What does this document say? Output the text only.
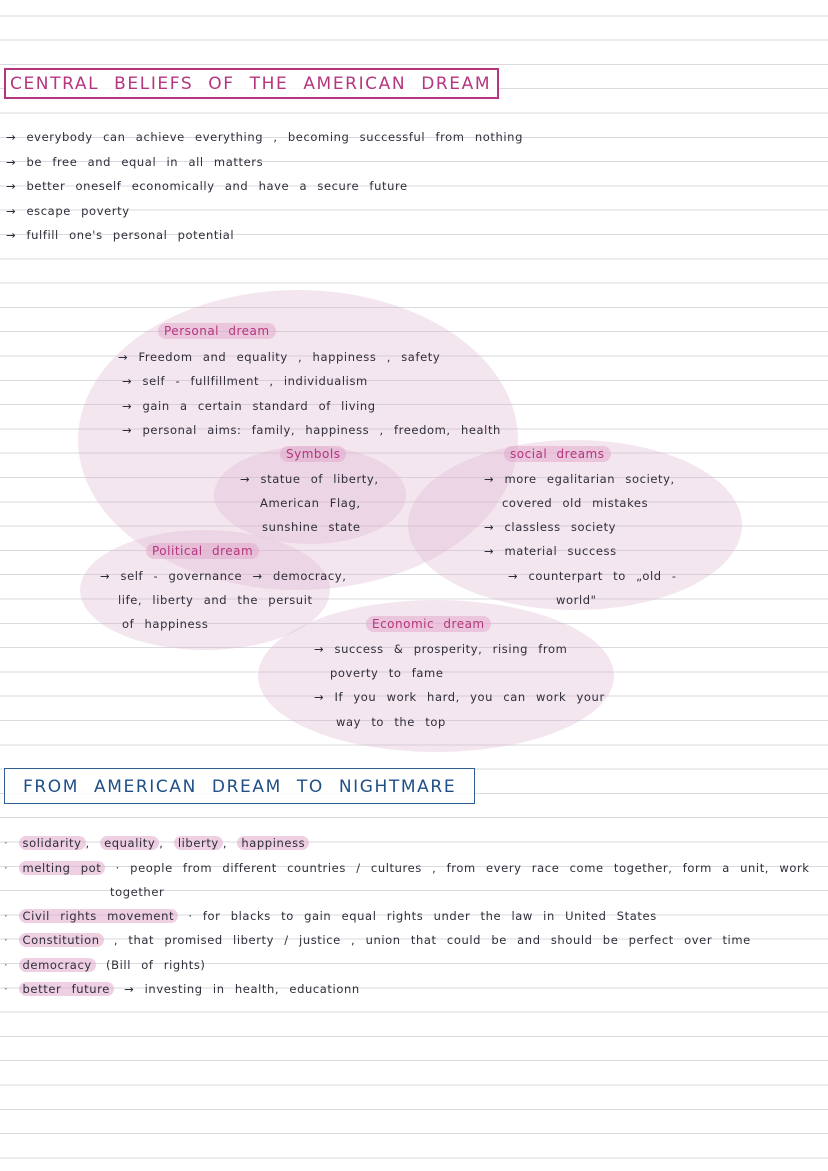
CENTRAL BELIEFS OF THE AMERICAN DREAM
→ everybody can achieve everything , becoming successful from nothing
→ be free and equal in all matters
→ better oneself economically and have a secure future
→ escape poverty
→ fulfill one's personal potential
Personal dream
→ Freedom and equality , happiness , safety
→ self - fullfillment , individualism
→ gain a certain standard of living
→ personal aims: family, happiness , freedom, health
Symbols
→ statue of liberty,
American Flag,
sunshine state
social dreams
→ more egalitarian society,
covered old mistakes
→ classless society
→ material success
→ counterpart to „old -
world"
Political dream
→ self - governance → democracy,
life, liberty and the persuit
of happiness	Economic dream
→ success & prosperity, rising from
poverty to fame
→ If you work hard, you can work your
way to the top
FROM AMERICAN DREAM TO NIGHTMARE
· solidarity , equality , liberty , happiness
· melting pot · people from different countries / cultures , from every race come together, form a unit, work
together
· Civil rights movement · for blacks to gain equal rights under the law in United States
· Constitution , that promised liberty / justice , union that could be and should be perfect over time
· democracy (Bill of rights)
· better future → investing in health, educationn
